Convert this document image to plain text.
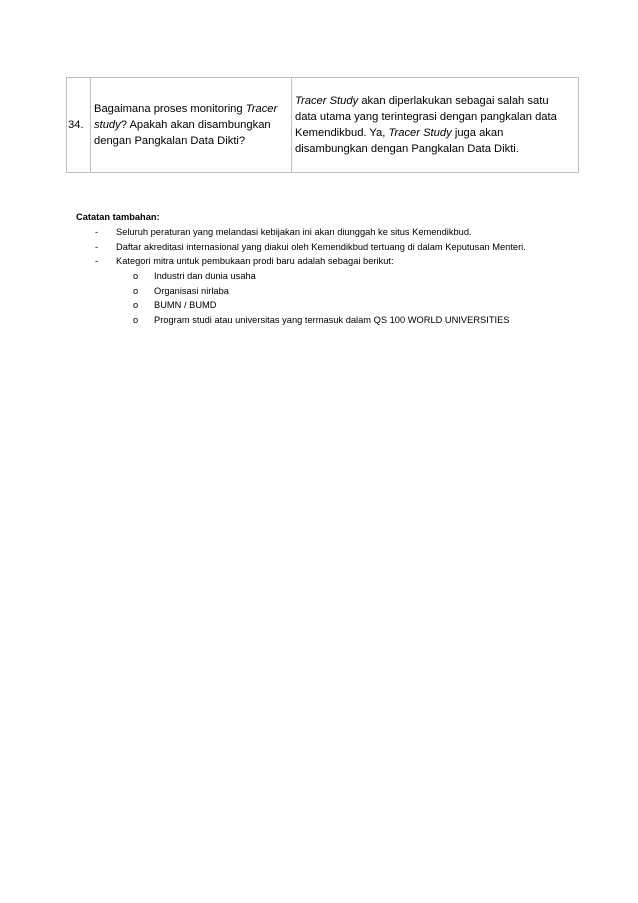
34.	Bagaimana proses monitoring Tracer study? Apakah akan disambungkan dengan Pangkalan Data Dikti?	Tracer Study akan diperlakukan sebagai salah satu data utama yang terintegrasi dengan pangkalan data Kemendikbud. Ya, Tracer Study juga akan disambungkan dengan Pangkalan Data Dikti.
Catatan tambahan:
- Seluruh peraturan yang melandasi kebijakan ini akan diunggah ke situs Kemendikbud.
- Daftar akreditasi internasional yang diakui oleh Kemendikbud tertuang di dalam Keputusan Menteri.
- Kategori mitra untuk pembukaan prodi baru adalah sebagai berikut:
o Industri dan dunia usaha
o Organisasi nirlaba
o BUMN / BUMD
o Program studi atau universitas yang termasuk dalam QS 100 WORLD UNIVERSITIES
